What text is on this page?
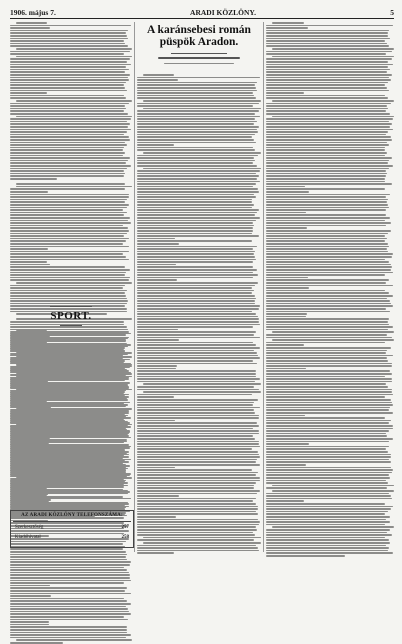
1906. május 7.	ARADI KÖZLÖNY.	5
SPORT.
AZ ARADI KÖZLÖNY TELEFONSZÁMA:
Szerkesztőség	257
Kiadóhivatal	258
A karánsebesi román püspök Aradon.
